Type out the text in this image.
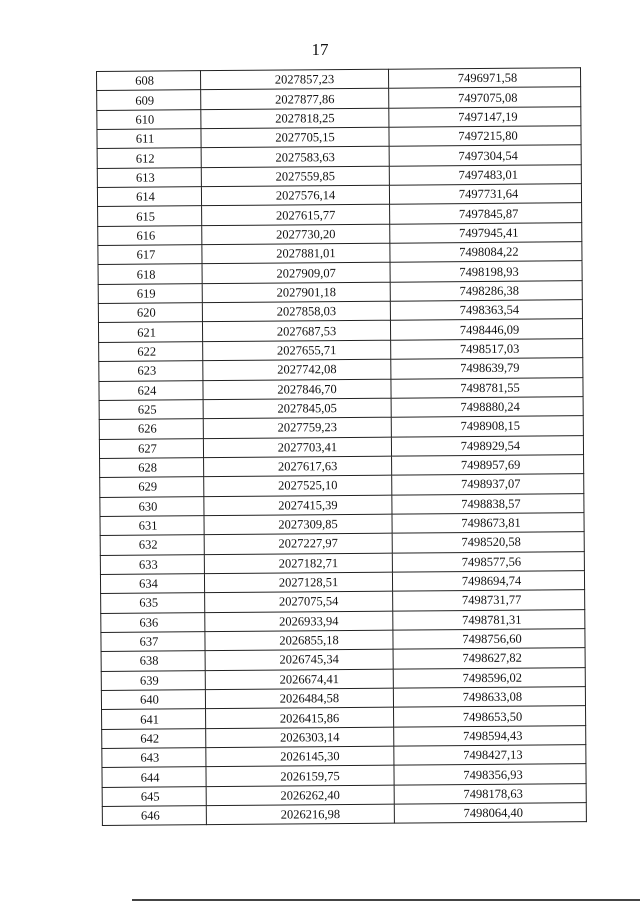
17
608	2027857,23	7496971,58
609	2027877,86	7497075,08
610	2027818,25	7497147,19
611	2027705,15	7497215,80
612	2027583,63	7497304,54
613	2027559,85	7497483,01
614	2027576,14	7497731,64
615	2027615,77	7497845,87
616	2027730,20	7497945,41
617	2027881,01	7498084,22
618	2027909,07	7498198,93
619	2027901,18	7498286,38
620	2027858,03	7498363,54
621	2027687,53	7498446,09
622	2027655,71	7498517,03
623	2027742,08	7498639,79
624	2027846,70	7498781,55
625	2027845,05	7498880,24
626	2027759,23	7498908,15
627	2027703,41	7498929,54
628	2027617,63	7498957,69
629	2027525,10	7498937,07
630	2027415,39	7498838,57
631	2027309,85	7498673,81
632	2027227,97	7498520,58
633	2027182,71	7498577,56
634	2027128,51	7498694,74
635	2027075,54	7498731,77
636	2026933,94	7498781,31
637	2026855,18	7498756,60
638	2026745,34	7498627,82
639	2026674,41	7498596,02
640	2026484,58	7498633,08
641	2026415,86	7498653,50
642	2026303,14	7498594,43
643	2026145,30	7498427,13
644	2026159,75	7498356,93
645	2026262,40	7498178,63
646	2026216,98	7498064,40
